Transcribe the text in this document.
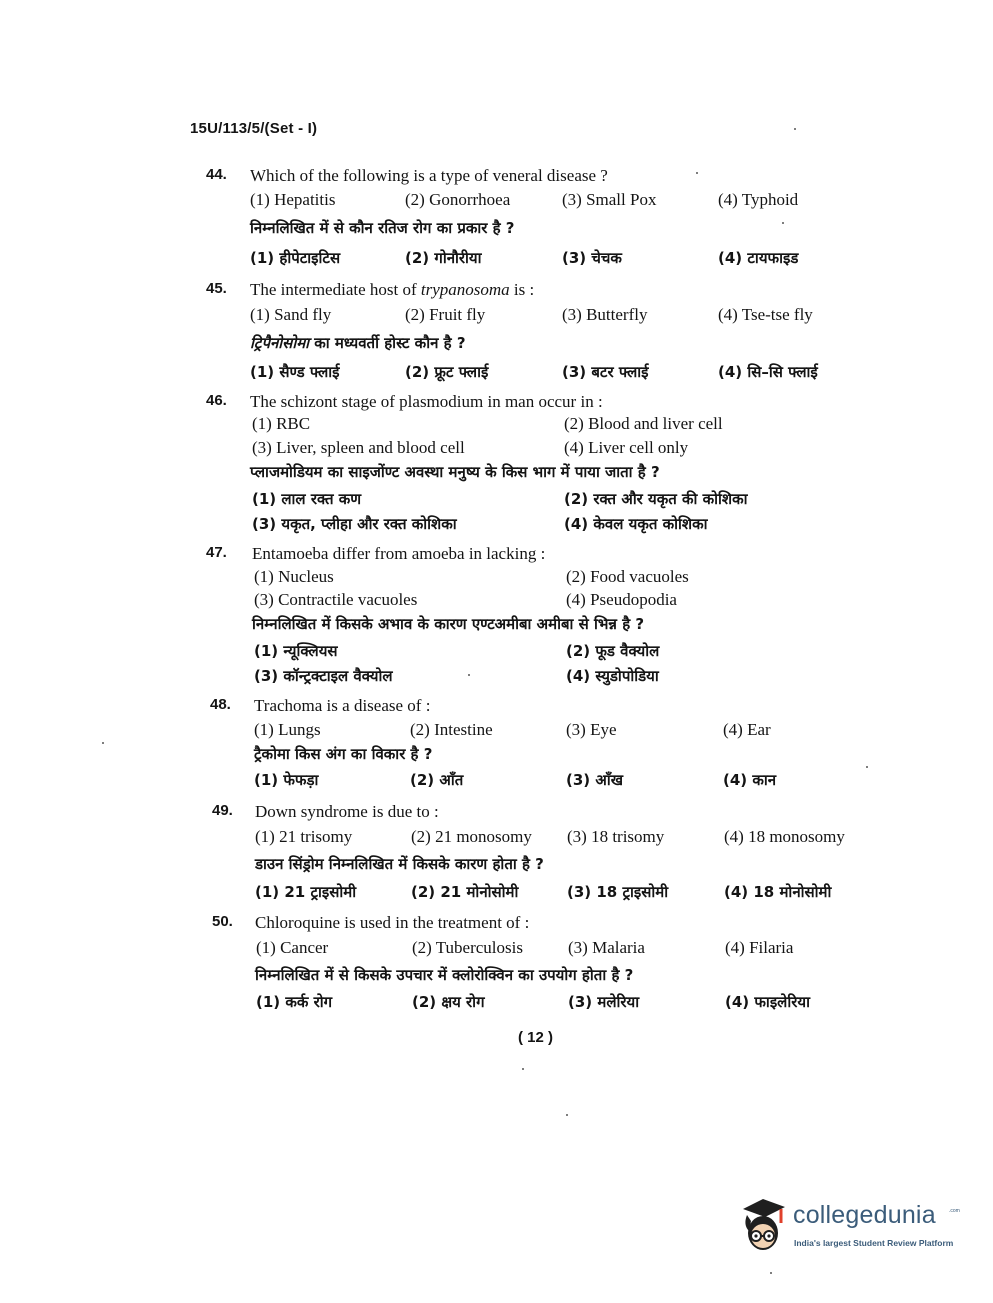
15U/113/5/(Set - I)
44. Which of the following is a type of veneral disease ?
(1) Hepatitis	(2) Gonorrhoea	(3) Small Pox	(4) Typhoid
निम्नलिखित में से कौन रतिज रोग का प्रकार है ?
(1) हीपेटाइटिस	(2) गोनौरीया	(3) चेचक	(4) टायफाइड
45. The intermediate host of trypanosoma is :
(1) Sand fly	(2) Fruit fly	(3) Butterfly	(4) Tse-tse fly
ट्रिपैनोसोमा का मध्यवर्ती होस्ट कौन है ?
(1) सैण्ड फ्लाई	(2) फ्रूट फ्लाई	(3) बटर फ्लाई	(4) सि–सि फ्लाई
46. The schizont stage of plasmodium in man occur in :
(1) RBC	(2) Blood and liver cell
(3) Liver, spleen and blood cell	(4) Liver cell only
प्लाजमोडियम का साइजोंण्ट अवस्था मनुष्य के किस भाग में पाया जाता है ?
(1) लाल रक्त कण	(2) रक्त और यकृत की कोशिका
(3) यकृत, प्लीहा और रक्त कोशिका	(4) केवल यकृत कोशिका
47. Entamoeba differ from amoeba in lacking :
(1) Nucleus	(2) Food vacuoles
(3) Contractile vacuoles	(4) Pseudopodia
निम्नलिखित में किसके अभाव के कारण एण्टअमीबा अमीबा से भिन्न है ?
(1) न्यूक्लियस	(2) फूड वैक्योल
(3) कॉन्ट्रक्टाइल वैक्योल	(4) स्युडोपोडिया
48. Trachoma is a disease of :
(1) Lungs	(2) Intestine	(3) Eye	(4) Ear
ट्रैकोमा किस अंग का विकार है ?
(1) फेफड़ा	(2) आँत	(3) आँख	(4) कान
49. Down syndrome is due to :
(1) 21 trisomy	(2) 21 monosomy (3) 18 trisomy	(4) 18 monosomy
डाउन सिंड्रोम निम्नलिखित में किसके कारण होता है ?
(1) 21 ट्राइसोमी	(2) 21 मोनोसोमी	(3) 18 ट्राइसोमी	(4) 18 मोनोसोमी
50. Chloroquine is used in the treatment of :
(1) Cancer	(2) Tuberculosis	(3) Malaria	(4) Filaria
निम्नलिखित में से किसके उपचार में क्लोरोक्विन का उपयोग होता है ?
(1) कर्क रोग	(2) क्षय रोग	(3) मलेरिया	(4) फाइलेरिया
( 12 )
collegedunia	.com
India's largest Student Review Platform
